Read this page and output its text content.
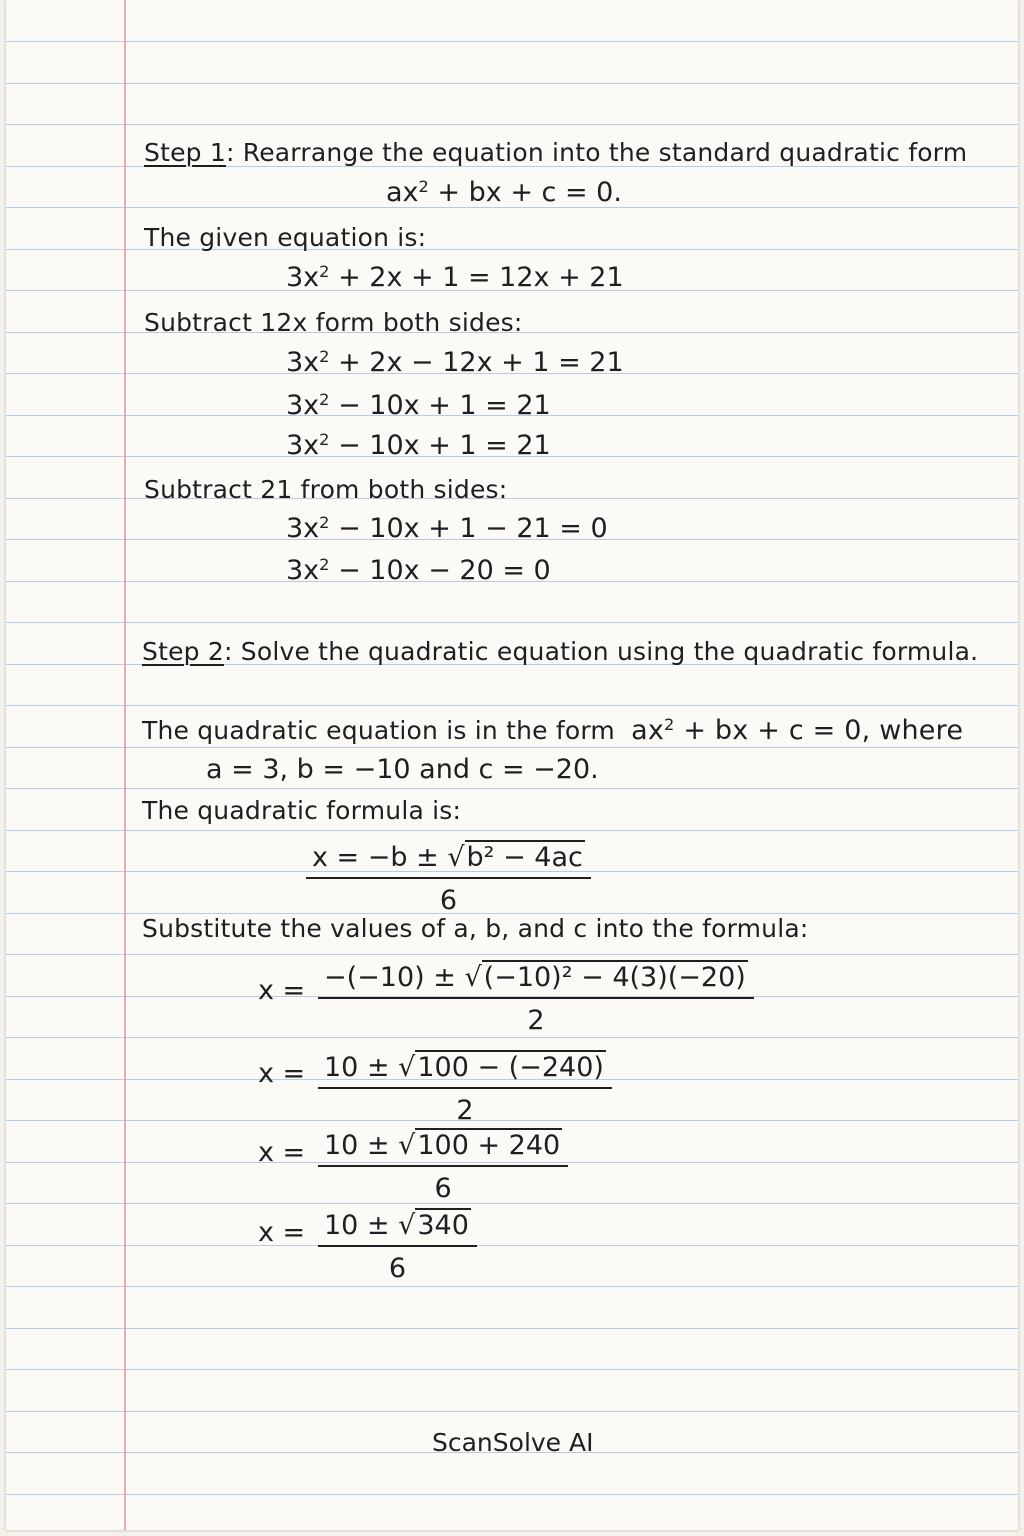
Step 1: Rearrange the equation into the standard quadratic form
$ax^2$ + bx + c = 0.
The given equation is:
$3x^2 + 2x + 1 = 12x + 21$
Subtract 12x form both sides:
$3x^2 + 2x - 12x + 1 = 21$
$3x^2 - 10x + 1 = 21$
$3x^2 - 10x + 1 = 21$
Subtract 21 from both sides:
$3x^2 - 10x + 1 - 21 = 0$
$3x^2 - 10x - 20 = 0$
Step 2: Solve the quadratic equation using the quadratic formula.
The quadratic equation is in the form $ax^2$ + bx + c = 0, where
a = 3, b = −10 and c = −20.
The quadratic formula is:
$\frac{\text{x = −b ± √b² − 4ac}}{6}$
Substitute the values of a, b, and c into the formula:
$x = \frac{\text{−(−10) ± √(−10)² − 4(3)(−20)}}{2}$
$x = \frac{10 \pm √100 - (-240)}{2}$
$x = \frac{10 \pm √100 + 240}{6}$
$x = \frac{10 \pm √340}{6}$
ScanSolve AI
